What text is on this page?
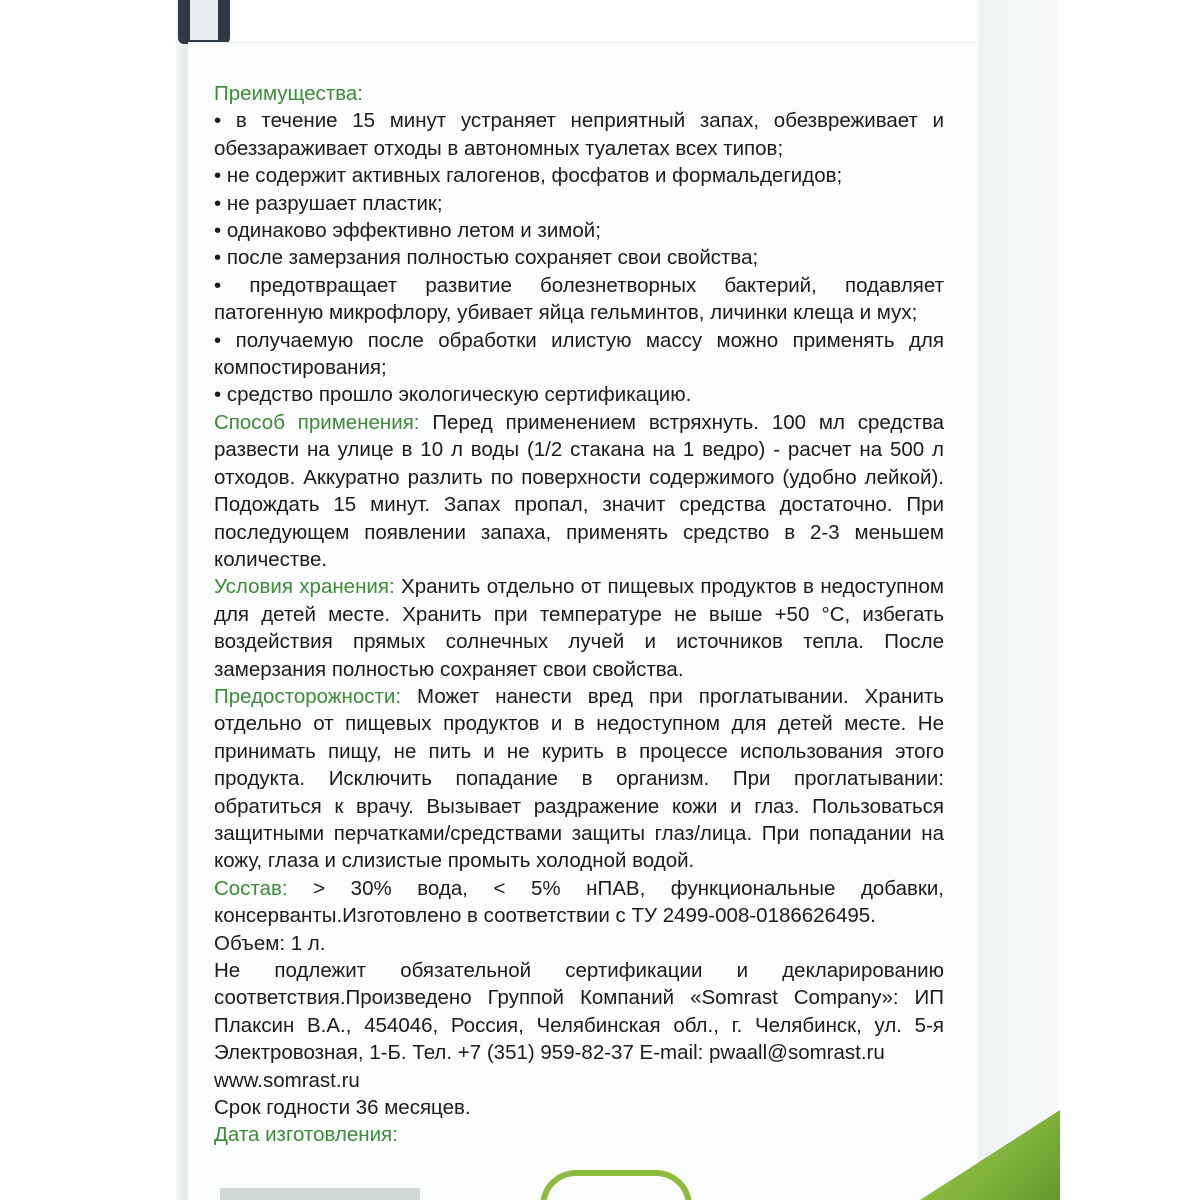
Преимущества:

• в течение 15 минут устраняет неприятный запах, обезвреживает и обеззараживает отходы в автономных туалетах всех типов;

• не содержит активных галогенов, фосфатов и формальдегидов;

• не разрушает пластик;

• одинаково эффективно летом и зимой;

• после замерзания полностью сохраняет свои свойства;

• предотвращает развитие болезнетворных бактерий, подавляет патогенную микрофлору, убивает яйца гельминтов, личинки клеща и мух;

• получаемую после обработки илистую массу можно применять для компостирования;

• средство прошло экологическую сертификацию.

Способ применения: Перед применением встряхнуть. 100 мл средства развести на улице в 10 л воды (1/2 стакана на 1 ведро) - расчет на 500 л отходов. Аккуратно разлить по поверхности содержимого (удобно лейкой). Подождать 15 минут. Запах пропал, значит средства достаточно. При последующем появлении запаха, применять средство в 2-3 меньшем количестве.

Условия хранения: Хранить отдельно от пищевых продуктов в недоступном для детей месте. Хранить при температуре не выше +50 °С, избегать воздействия прямых солнечных лучей и источников тепла. После замерзания полностью сохраняет свои свойства.

Предосторожности: Может нанести вред при проглатывании. Хранить отдельно от пищевых продуктов и в недоступном для детей месте. Не принимать пищу, не пить и не курить в процессе использования этого продукта. Исключить попадание в организм. При проглатывании: обратиться к врачу. Вызывает раздражение кожи и глаз. Пользоваться защитными перчатками/средствами защиты глаз/лица. При попадании на кожу, глаза и слизистые промыть холодной водой.

Состав: > 30% вода, < 5% нПАВ, функциональные добавки, консерванты.Изготовлено в соответствии с ТУ 2499-008-0186626495.

Объем: 1 л.

Не подлежит обязательной сертификации и декларированию соответствия.Произведено Группой Компаний «Somrast Company»: ИП Плаксин В.А., 454046, Россия, Челябинская обл., г. Челябинск, ул. 5-я Электровозная, 1-Б. Тел. +7 (351) 959-82-37 E-mail: pwaall@somrast.ru

www.somrast.ru

Срок годности 36 месяцев.

Дата изготовления:
